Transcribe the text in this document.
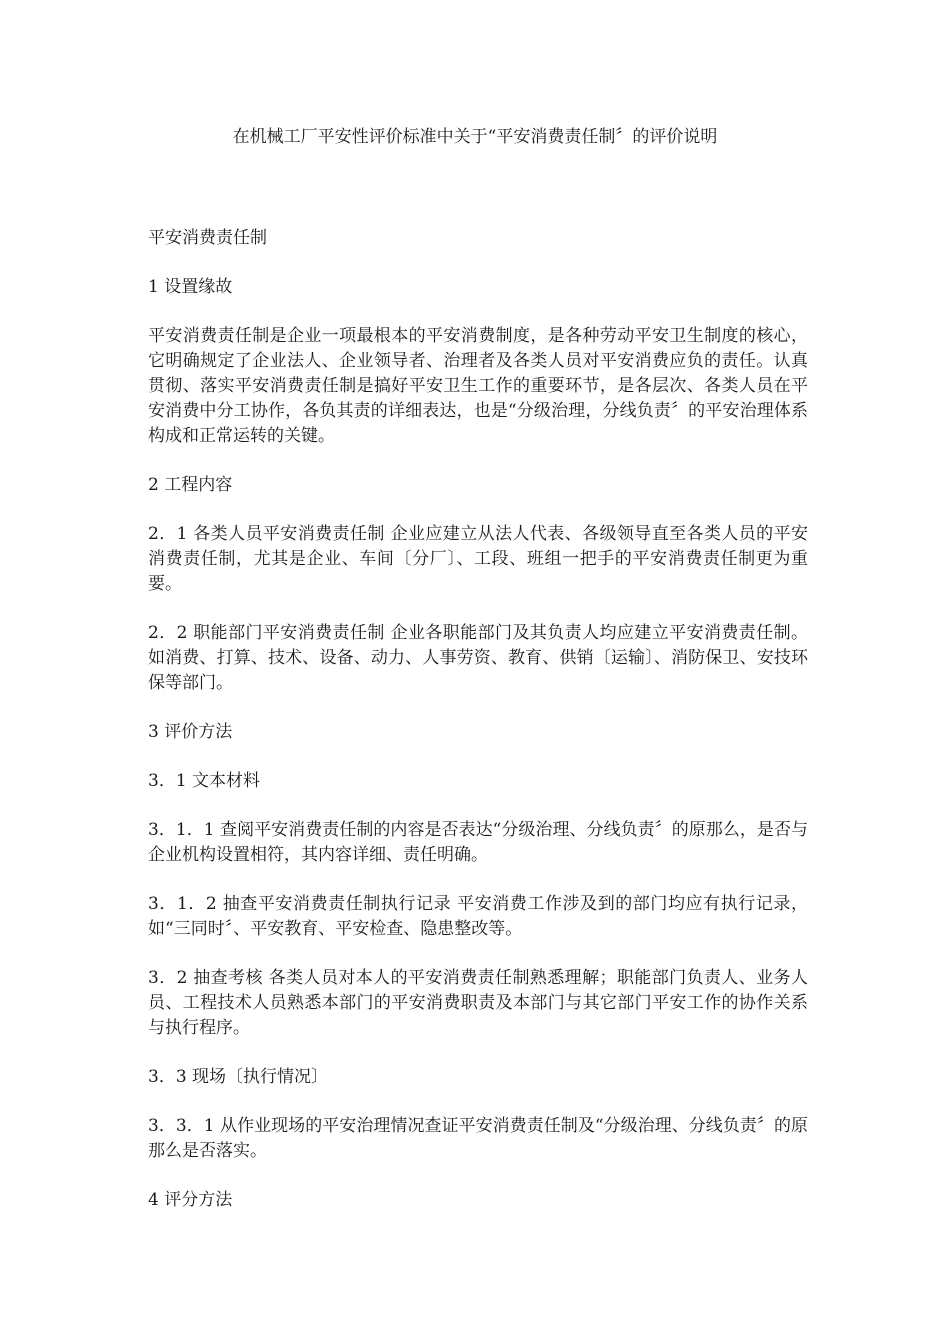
在机械工厂平安性评价标准中关于“平安消费责任制〞的评价说明

平安消费责任制

1 设置缘故

平安消费责任制是企业一项最根本的平安消费制度，是各种劳动平安卫生制度的核心，它明确规定了企业法人、企业领导者、治理者及各类人员对平安消费应负的责任。认真贯彻、落实平安消费责任制是搞好平安卫生工作的重要环节，是各层次、各类人员在平安消费中分工协作，各负其责的详细表达，也是“分级治理，分线负责〞的平安治理体系构成和正常运转的关键。

2 工程内容

2．1 各类人员平安消费责任制 企业应建立从法人代表、各级领导直至各类人员的平安消费责任制，尤其是企业、车间〔分厂〕、工段、班组一把手的平安消费责任制更为重要。

2．2 职能部门平安消费责任制 企业各职能部门及其负责人均应建立平安消费责任制。如消费、打算、技术、设备、动力、人事劳资、教育、供销〔运输〕、消防保卫、安技环保等部门。

3 评价方法

3．1 文本材料

3．1．1 查阅平安消费责任制的内容是否表达“分级治理、分线负责〞的原那么，是否与企业机构设置相符，其内容详细、责任明确。

3．1．2 抽查平安消费责任制执行记录 平安消费工作涉及到的部门均应有执行记录，如“三同时〞、平安教育、平安检查、隐患整改等。

3．2 抽查考核 各类人员对本人的平安消费责任制熟悉理解；职能部门负责人、业务人员、工程技术人员熟悉本部门的平安消费职责及本部门与其它部门平安工作的协作关系与执行程序。

3．3 现场〔执行情况〕

3．3．1 从作业现场的平安治理情况查证平安消费责任制及“分级治理、分线负责〞的原那么是否落实。

4 评分方法
